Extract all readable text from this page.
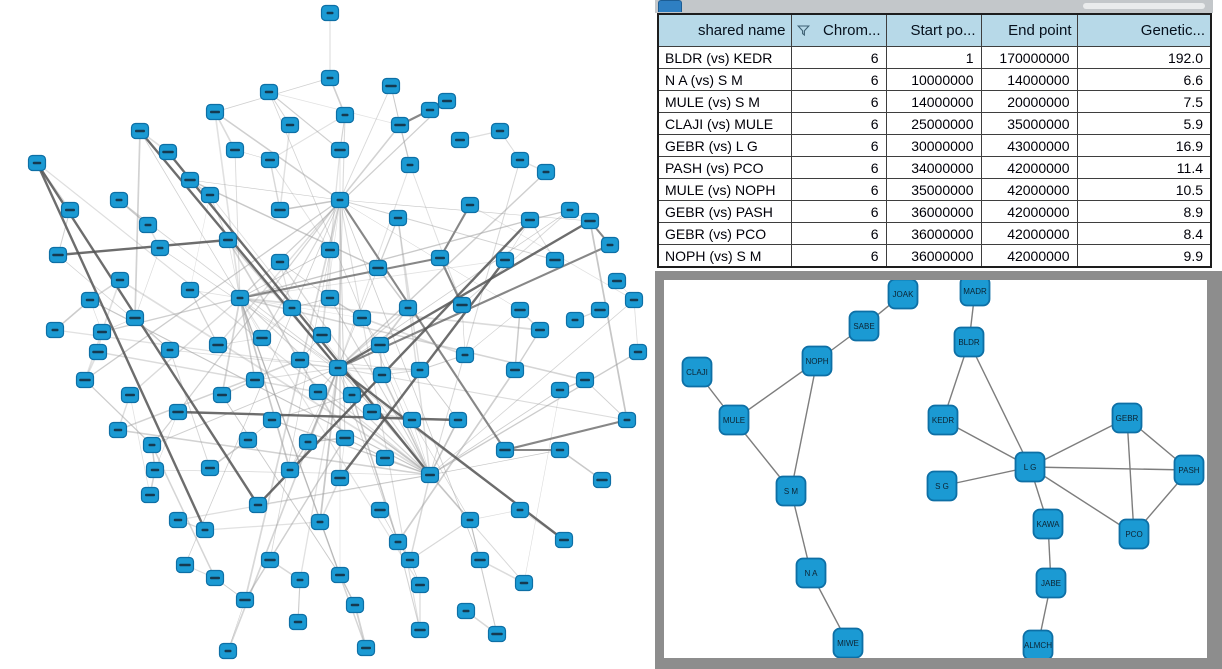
shared name	Chrom...	Start po...	End point	Genetic...
BLDR (vs) KEDR	6	1	170000000	192.0
N A (vs) S M	6	10000000	14000000	6.6
MULE (vs) S M	6	14000000	20000000	7.5
CLAJI (vs) MULE	6	25000000	35000000	5.9
GEBR (vs) L G	6	30000000	43000000	16.9
PASH (vs) PCO	6	34000000	42000000	11.4
MULE (vs) NOPH	6	35000000	42000000	10.5
GEBR (vs) PASH	6	36000000	42000000	8.9
GEBR (vs) PCO	6	36000000	42000000	8.4
NOPH (vs) S M	6	36000000	42000000	9.9
CLAJI
MULE
NOPH
SABE
JOAK	MADR
BLDR
KEDR	GEBR
L G	PASH
PCO
KAWA
S G
S M
N A
MIWE
JABE
ALMCH
